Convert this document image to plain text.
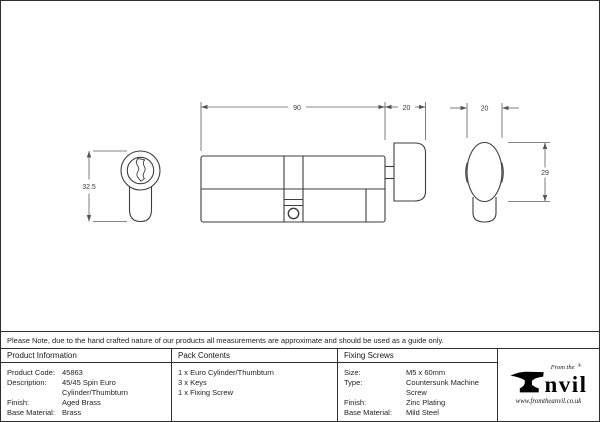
32.5
90	20	20
29
Please Note, due to the hand crafted nature of our products all measurements are approximate and should be used as a guide only.
Product Information
Product Code: 45863
Description:	45/45 Spin Euro Cylinder/Thumbturn
Finish:	Aged Brass
Base Material: Brass
Pack Contents
1 x Euro Cylinder/Thumbturn
3 x Keys
1 x Fixing Screw
Fixing Screws
Size:	M5 x 60mm
Type:	Countersunk Machine Screw
Finish:	Zinc Plating
Base Material:	Mild Steel
From the ®
nvil
www.fromtheanvil.co.uk
